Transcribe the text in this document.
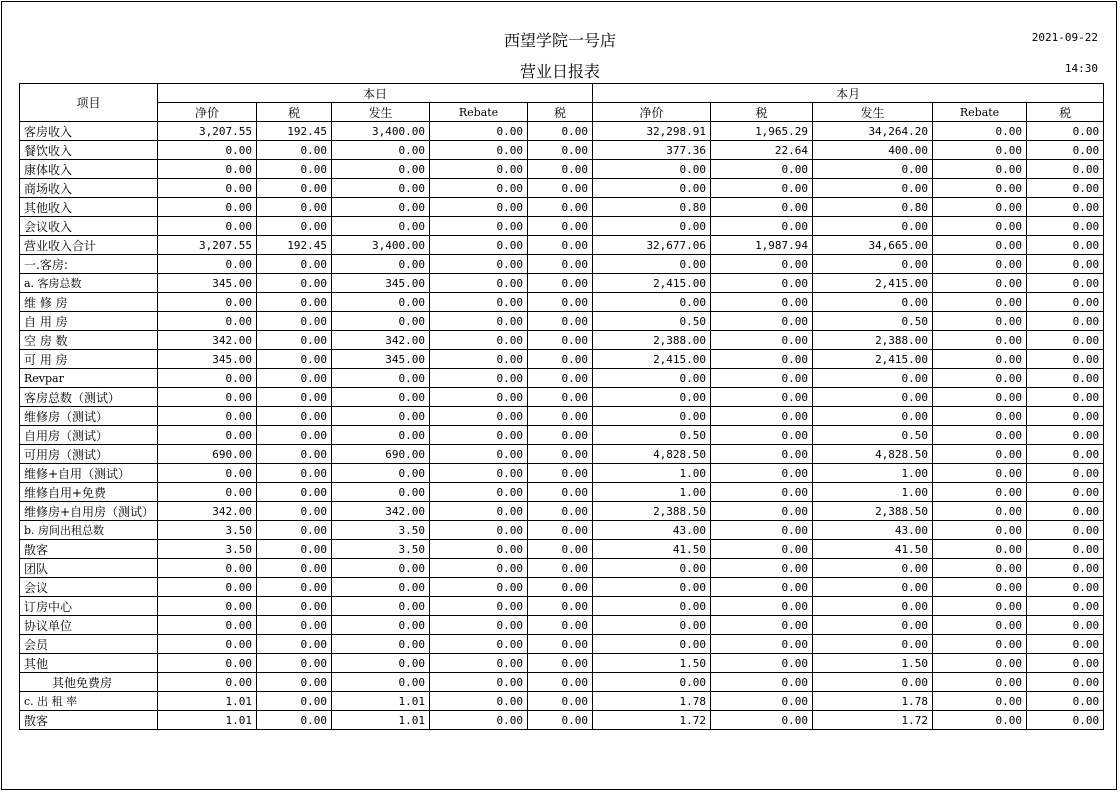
西望学院一号店
营业日报表
2021-09-22
14:30
项目	本日					本月				
	净价	税	发生	Rebate	税	净价	税	发生	Rebate	税
客房收入	3,207.55	192.45	3,400.00	0.00	0.00	32,298.91	1,965.29	34,264.20	0.00	0.00
餐饮收入	0.00	0.00	0.00	0.00	0.00	377.36	22.64	400.00	0.00	0.00
康体收入	0.00	0.00	0.00	0.00	0.00	0.00	0.00	0.00	0.00	0.00
商场收入	0.00	0.00	0.00	0.00	0.00	0.00	0.00	0.00	0.00	0.00
其他收入	0.00	0.00	0.00	0.00	0.00	0.80	0.00	0.80	0.00	0.00
会议收入	0.00	0.00	0.00	0.00	0.00	0.00	0.00	0.00	0.00	0.00
营业收入合计	3,207.55	192.45	3,400.00	0.00	0.00	32,677.06	1,987.94	34,665.00	0.00	0.00
一.客房:	0.00	0.00	0.00	0.00	0.00	0.00	0.00	0.00	0.00	0.00
a. 客房总数	345.00	0.00	345.00	0.00	0.00	2,415.00	0.00	2,415.00	0.00	0.00
维 修 房	0.00	0.00	0.00	0.00	0.00	0.00	0.00	0.00	0.00	0.00
自 用 房	0.00	0.00	0.00	0.00	0.00	0.50	0.00	0.50	0.00	0.00
空 房 数	342.00	0.00	342.00	0.00	0.00	2,388.00	0.00	2,388.00	0.00	0.00
可 用 房	345.00	0.00	345.00	0.00	0.00	2,415.00	0.00	2,415.00	0.00	0.00
Revpar	0.00	0.00	0.00	0.00	0.00	0.00	0.00	0.00	0.00	0.00
客房总数（测试）	0.00	0.00	0.00	0.00	0.00	0.00	0.00	0.00	0.00	0.00
维修房（测试）	0.00	0.00	0.00	0.00	0.00	0.00	0.00	0.00	0.00	0.00
自用房（测试）	0.00	0.00	0.00	0.00	0.00	0.50	0.00	0.50	0.00	0.00
可用房（测试）	690.00	0.00	690.00	0.00	0.00	4,828.50	0.00	4,828.50	0.00	0.00
维修+自用（测试）	0.00	0.00	0.00	0.00	0.00	1.00	0.00	1.00	0.00	0.00
维修自用+免费	0.00	0.00	0.00	0.00	0.00	1.00	0.00	1.00	0.00	0.00
维修房+自用房（测试）	342.00	0.00	342.00	0.00	0.00	2,388.50	0.00	2,388.50	0.00	0.00
b. 房间出租总数	3.50	0.00	3.50	0.00	0.00	43.00	0.00	43.00	0.00	0.00
散客	3.50	0.00	3.50	0.00	0.00	41.50	0.00	41.50	0.00	0.00
团队	0.00	0.00	0.00	0.00	0.00	0.00	0.00	0.00	0.00	0.00
会议	0.00	0.00	0.00	0.00	0.00	0.00	0.00	0.00	0.00	0.00
订房中心	0.00	0.00	0.00	0.00	0.00	0.00	0.00	0.00	0.00	0.00
协议单位	0.00	0.00	0.00	0.00	0.00	0.00	0.00	0.00	0.00	0.00
会员	0.00	0.00	0.00	0.00	0.00	0.00	0.00	0.00	0.00	0.00
其他	0.00	0.00	0.00	0.00	0.00	1.50	0.00	1.50	0.00	0.00
其他免费房	0.00	0.00	0.00	0.00	0.00	0.00	0.00	0.00	0.00	0.00
c. 出 租 率	1.01	0.00	1.01	0.00	0.00	1.78	0.00	1.78	0.00	0.00
散客	1.01	0.00	1.01	0.00	0.00	1.72	0.00	1.72	0.00	0.00
